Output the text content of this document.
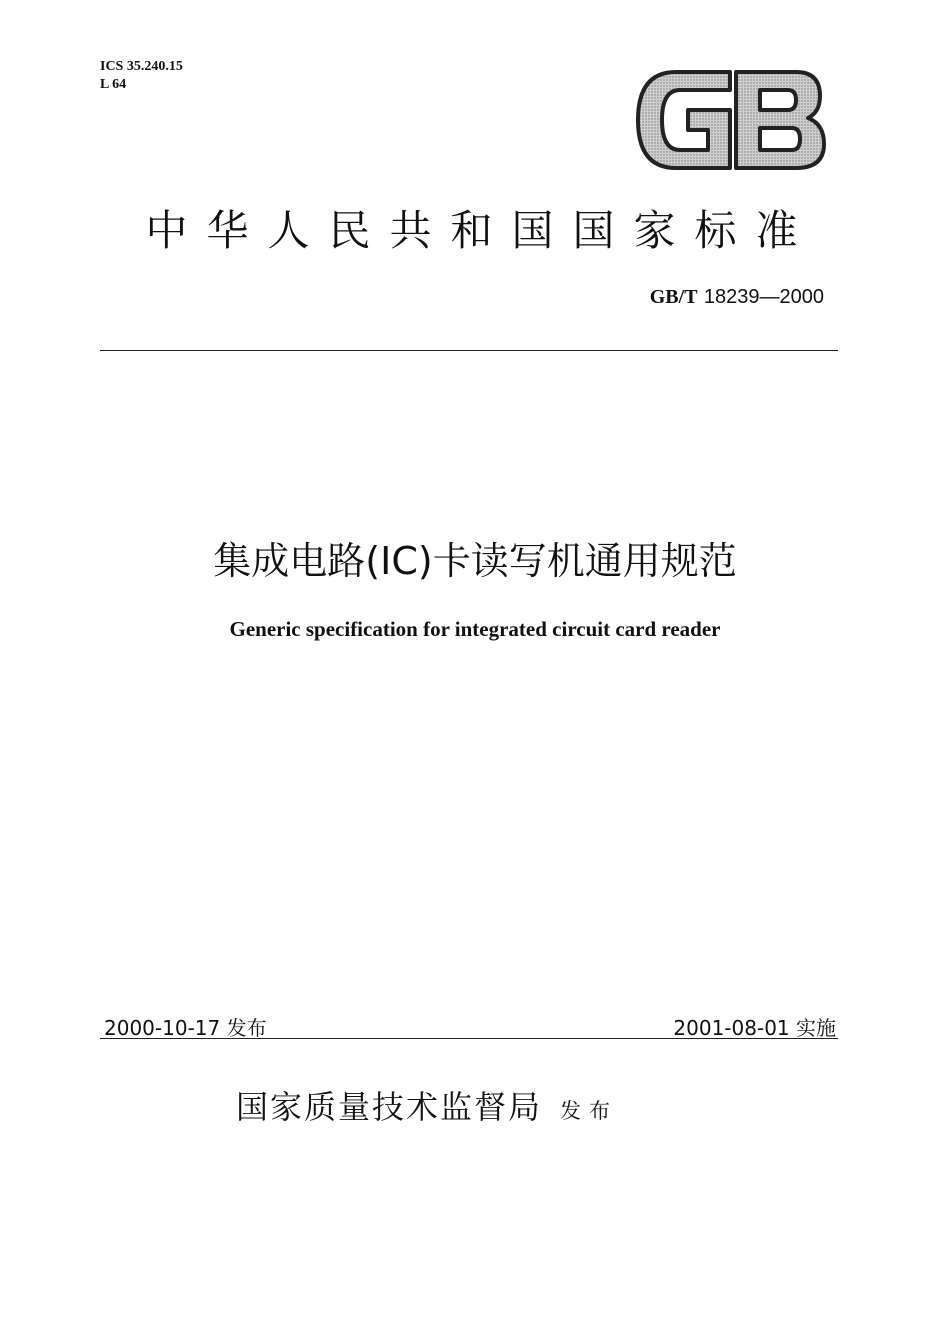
ICS 35.240.15
L 64
中华人民共和国国家标准
GB/T 18239—2000
集成电路(IC)卡读写机通用规范
Generic specification for integrated circuit card reader
2000-10-17 发布	2001-08-01 实施
国家质量技术监督局 发布
